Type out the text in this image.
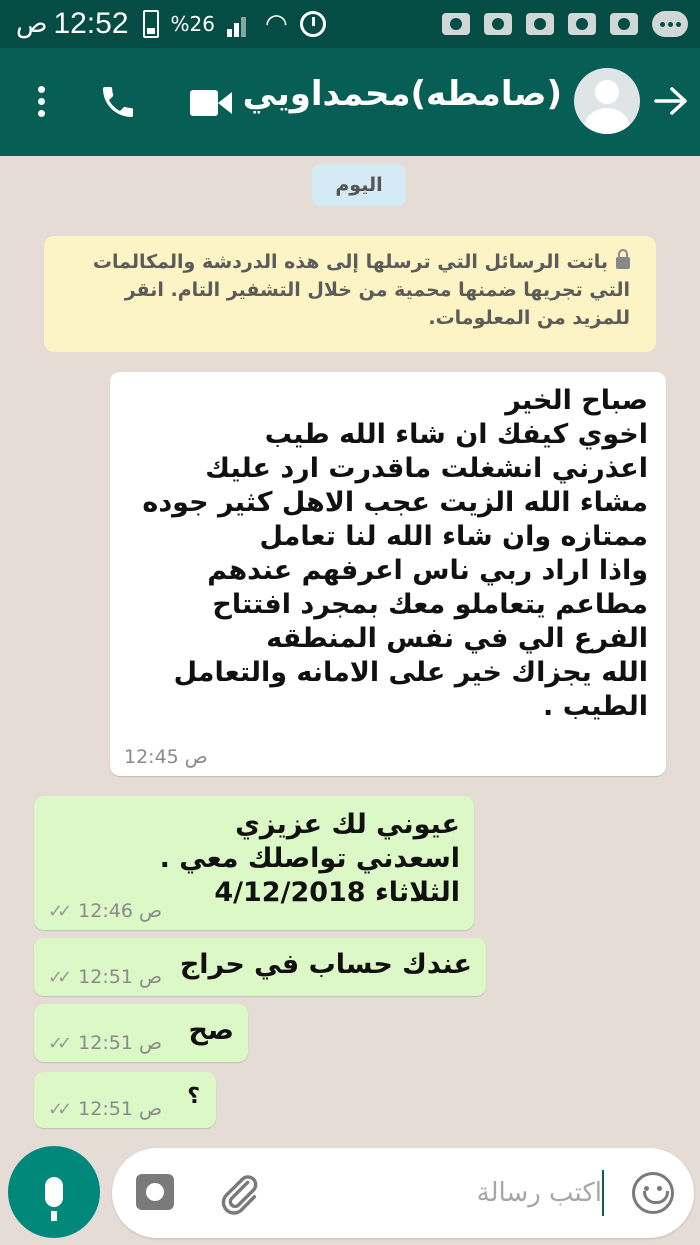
ص 12:52 %26 ◠
(صامطه)محمداويي
اليوم
باتت الرسائل التي ترسلها إلى هذه الدردشة والمكالمات التي تجريها ضمنها محمية من خلال التشفير التام. انقر للمزيد من المعلومات.
صباح الخير
اخوي كيفك ان شاء الله طيب
اعذرني انشغلت ماقدرت ارد عليك
مشاء الله الزيت عجب الاهل كثير جوده ممتازه وان شاء الله لنا تعامل
واذا اراد ربي ناس اعرفهم عندهم مطاعم يتعاملو معك بمجرد افتتاح الفرع الي في نفس المنطقه
الله يجزاك خير على الامانه والتعامل الطيب .
12:45 ص
عيوني لك عزيزي
اسعدني تواصلك معي .
الثلاثاء 4/12/2018
✓✓ 12:46 ص
عندك حساب في حراج
✓✓ 12:51 ص
صح
✓✓ 12:51 ص
؟
✓✓ 12:51 ص
اكتب رسالة
